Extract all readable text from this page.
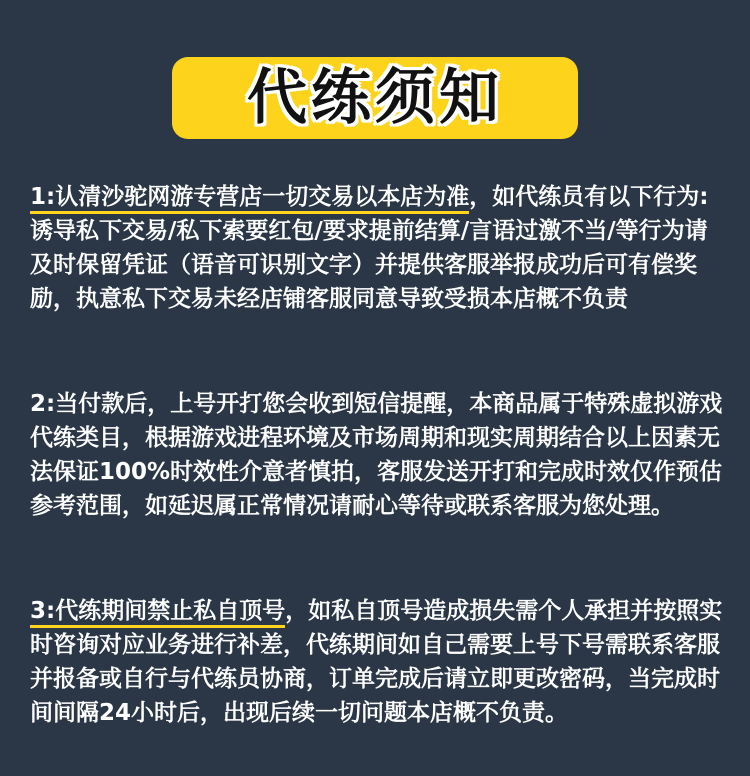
代练须知
1:认清沙驼网游专营店一切交易以本店为准，如代练员有以下行为:诱导私下交易/私下索要红包/要求提前结算/言语过激不当/等行为请及时保留凭证（语音可识别文字）并提供客服举报成功后可有偿奖励，执意私下交易未经店铺客服同意导致受损本店概不负责
2:当付款后，上号开打您会收到短信提醒，本商品属于特殊虚拟游戏代练类目，根据游戏进程环境及市场周期和现实周期结合以上因素无法保证100%时效性介意者慎拍，客服发送开打和完成时效仅作预估参考范围，如延迟属正常情况请耐心等待或联系客服为您处理。
3:代练期间禁止私自顶号，如私自顶号造成损失需个人承担并按照实时咨询对应业务进行补差，代练期间如自己需要上号下号需联系客服并报备或自行与代练员协商，订单完成后请立即更改密码，当完成时间间隔24小时后，出现后续一切问题本店概不负责。
